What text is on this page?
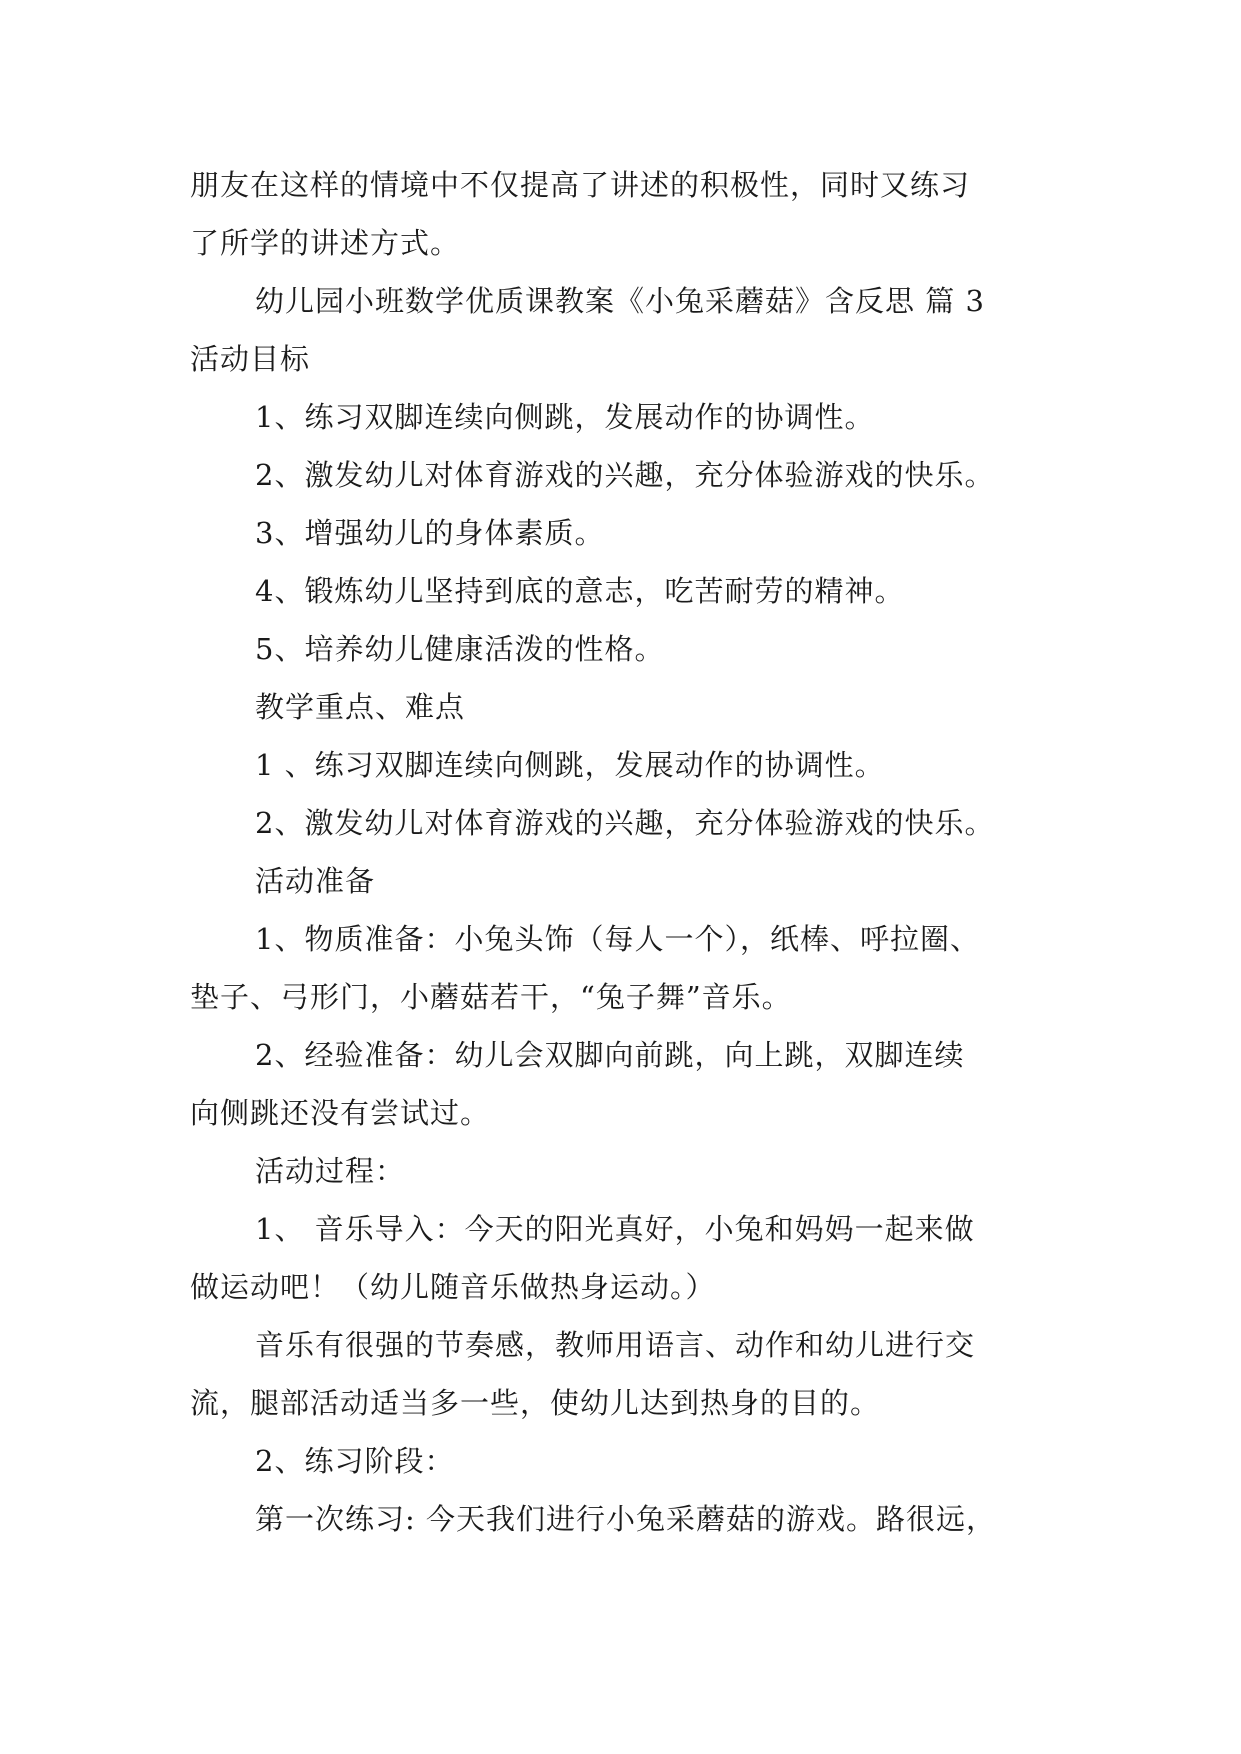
朋友在这样的情境中不仅提高了讲述的积极性，同时又练习
了所学的讲述方式。
幼儿园小班数学优质课教案《小兔采蘑菇》含反思 篇 3
活动目标
1、练习双脚连续向侧跳，发展动作的协调性。
2、激发幼儿对体育游戏的兴趣，充分体验游戏的快乐。
3、增强幼儿的身体素质。
4、锻炼幼儿坚持到底的意志，吃苦耐劳的精神。
5、培养幼儿健康活泼的性格。
教学重点、难点
1 、练习双脚连续向侧跳，发展动作的协调性。
2、激发幼儿对体育游戏的兴趣，充分体验游戏的快乐。
活动准备
1、物质准备：小兔头饰（每人一个），纸棒、呼拉圈、
垫子、弓形门，小蘑菇若干，“兔子舞”音乐。
2、经验准备：幼儿会双脚向前跳，向上跳，双脚连续
向侧跳还没有尝试过。
活动过程：
1、 音乐导入：今天的阳光真好，小兔和妈妈一起来做
做运动吧！（幼儿随音乐做热身运动。）
音乐有很强的节奏感，教师用语言、动作和幼儿进行交
流，腿部活动适当多一些，使幼儿达到热身的目的。
2、练习阶段：
第一次练习: 今天我们进行小兔采蘑菇的游戏。路很远，
